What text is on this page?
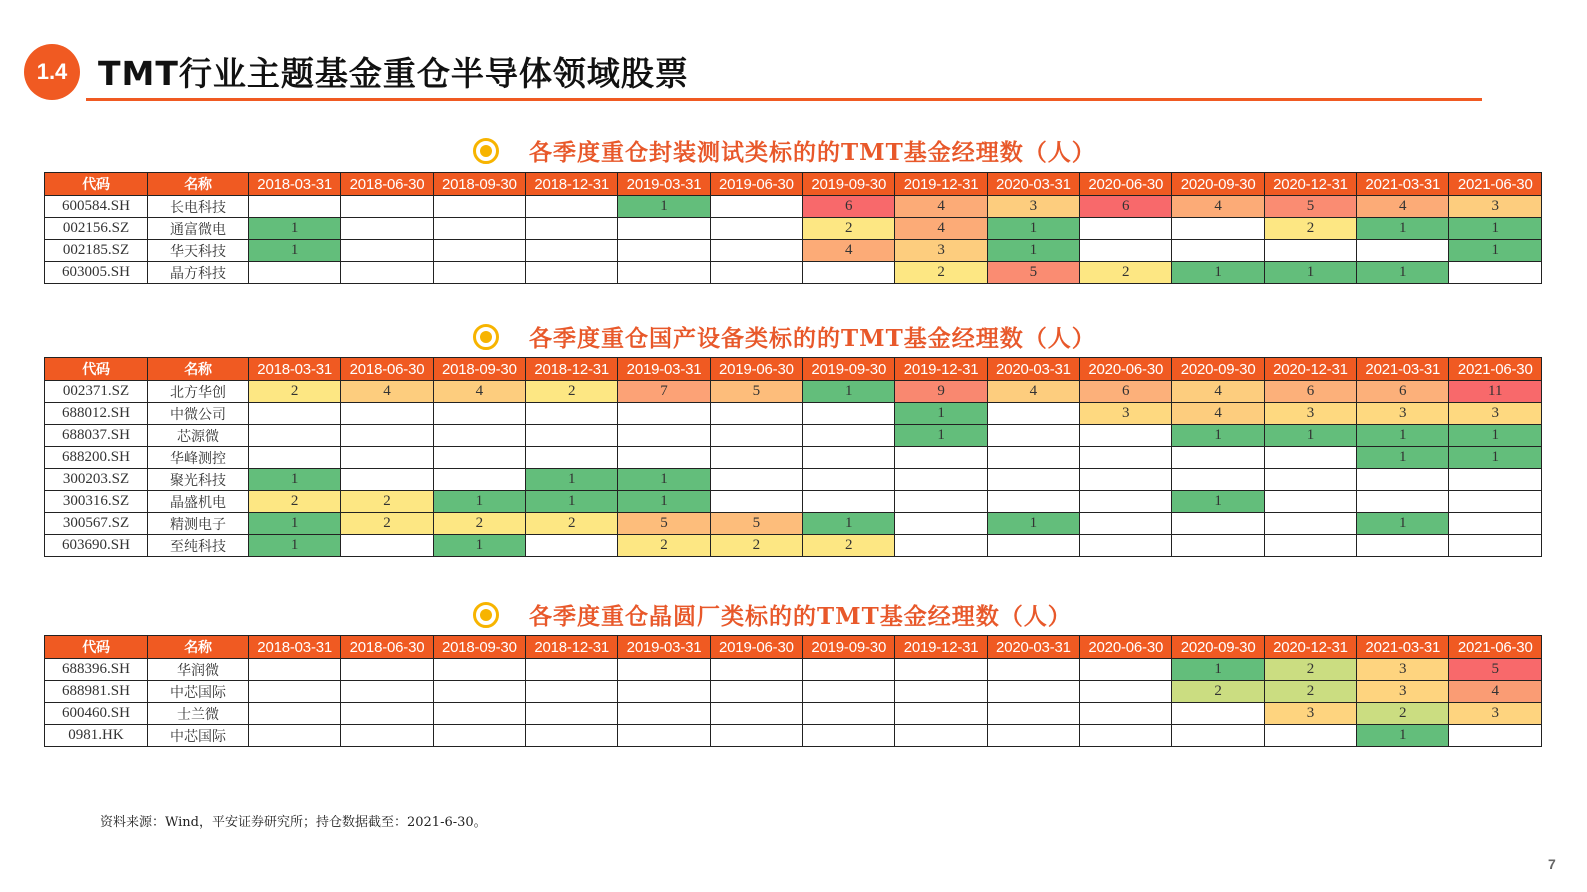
1.4 TMT行业主题基金重仓半导体领域股票
各季度重仓封装测试类标的的TMT基金经理数（人）
代码	名称	2018-03-31	2018-06-30	2018-09-30	2018-12-31	2019-03-31	2019-06-30	2019-09-30	2019-12-31	2020-03-31	2020-06-30	2020-09-30	2020-12-31	2021-03-31	2021-06-30
600584.SH	长电科技					1		6	4	3	6	4	5	4	3
002156.SZ	通富微电	1						2	4	1			2	1	1
002185.SZ	华天科技	1						4	3	1					1
603005.SH	晶方科技								2	5	2	1	1	1	
各季度重仓国产设备类标的的TMT基金经理数（人）
代码	名称	2018-03-31	2018-06-30	2018-09-30	2018-12-31	2019-03-31	2019-06-30	2019-09-30	2019-12-31	2020-03-31	2020-06-30	2020-09-30	2020-12-31	2021-03-31	2021-06-30
002371.SZ	北方华创	2	4	4	2	7	5	1	9	4	6	4	6	6	11
688012.SH	中微公司								1		3	4	3	3	3
688037.SH	芯源微								1			1	1	1	1
688200.SH	华峰测控													1	1
300203.SZ	聚光科技	1			1	1									
300316.SZ	晶盛机电	2	2	1	1	1						1			
300567.SZ	精测电子	1	2	2	2	5	5	1		1				1	
603690.SH	至纯科技	1		1		2	2	2							
各季度重仓晶圆厂类标的的TMT基金经理数（人）
代码	名称	2018-03-31	2018-06-30	2018-09-30	2018-12-31	2019-03-31	2019-06-30	2019-09-30	2019-12-31	2020-03-31	2020-06-30	2020-09-30	2020-12-31	2021-03-31	2021-06-30
688396.SH	华润微											1	2	3	5
688981.SH	中芯国际											2	2	3	4
600460.SH	士兰微												3	2	3
0981.HK	中芯国际													1	
资料来源：Wind，平安证券研究所；持仓数据截至：2021-6-30。
7
